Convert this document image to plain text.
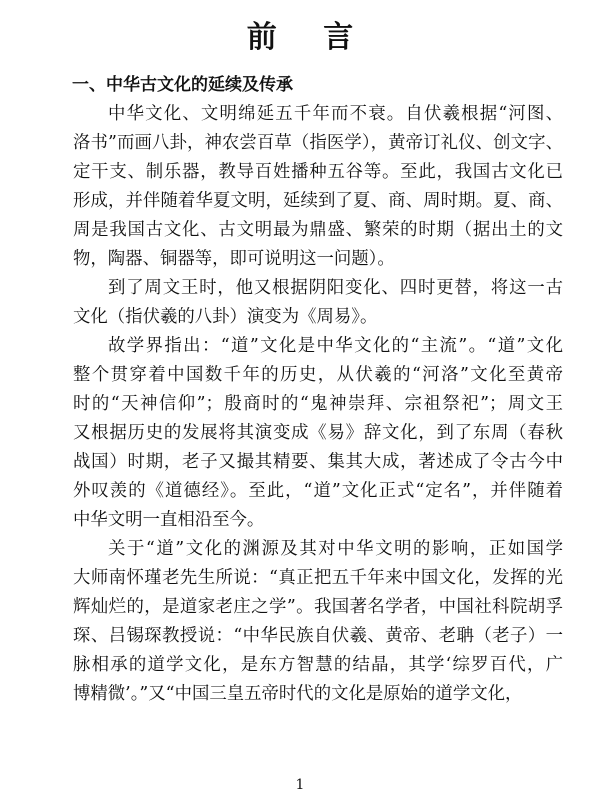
前 言
一、中华古文化的延续及传承
中华文化、文明绵延五千年而不衰。自伏羲根据“河图、
洛书”而画八卦，神农尝百草（指医学），黄帝订礼仪、创文字、
定干支、制乐器，教导百姓播种五谷等。至此，我国古文化已
形成，并伴随着华夏文明，延续到了夏、商、周时期。夏、商、
周是我国古文化、古文明最为鼎盛、繁荣的时期（据出土的文
物，陶器、铜器等，即可说明这一问题）。
到了周文王时，他又根据阴阳变化、四时更替，将这一古
文化（指伏羲的八卦）演变为《周易》。
故学界指出：“道”文化是中华文化的“主流”。“道”文化
整个贯穿着中国数千年的历史，从伏羲的“河洛”文化至黄帝
时的“天神信仰”；殷商时的“鬼神崇拜、宗祖祭祀”；周文王
又根据历史的发展将其演变成《易》辞文化，到了东周（春秋
战国）时期，老子又撮其精要、集其大成，著述成了令古今中
外叹羡的《道德经》。至此，“道”文化正式“定名”，并伴随着
中华文明一直相沿至今。
关于“道”文化的渊源及其对中华文明的影响，正如国学
大师南怀瑾老先生所说：“真正把五千年来中国文化，发挥的光
辉灿烂的，是道家老庄之学”。我国著名学者，中国社科院胡孚
琛、吕锡琛教授说：“中华民族自伏羲、黄帝、老聃（老子）一
脉相承的道学文化，是东方智慧的结晶，其学‘综罗百代，广
博精微’。”又“中国三皇五帝时代的文化是原始的道学文化，
1
